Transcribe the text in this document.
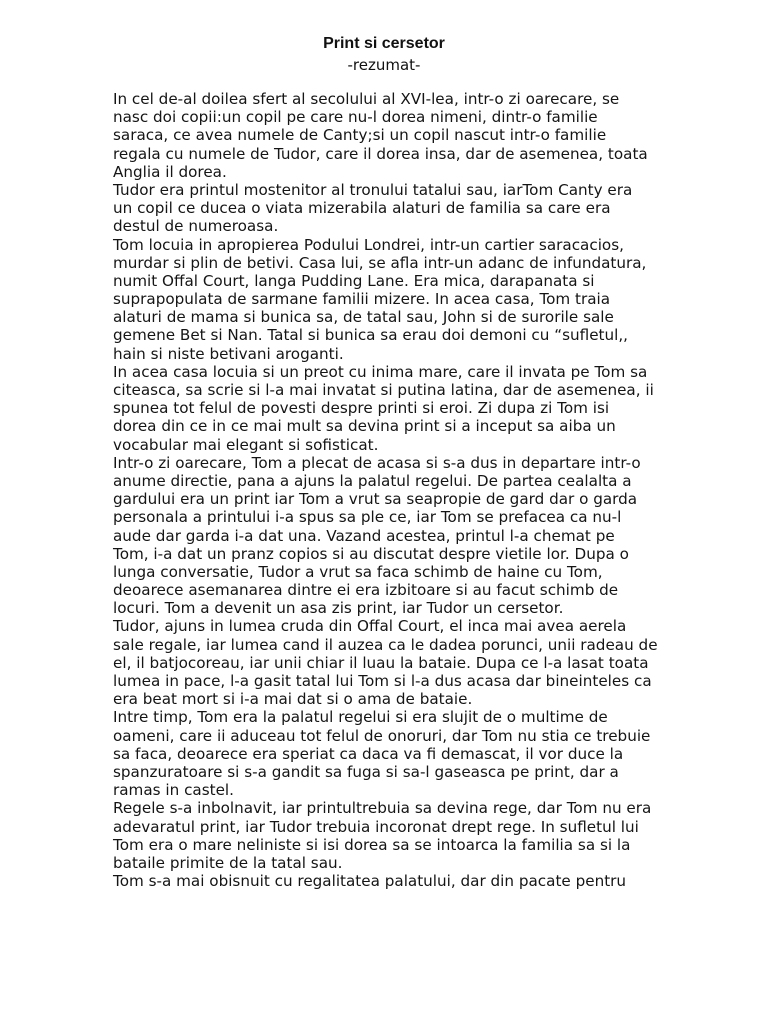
Print si cersetor
-rezumat-
In cel de-al doilea sfert al secolului al XVI-lea, intr-o zi oarecare, se
nasc doi copii:un copil pe care nu-l dorea nimeni, dintr-o familie
saraca, ce avea numele de Canty;si un copil nascut intr-o familie
regala cu numele de Tudor, care il dorea insa, dar de asemenea, toata
Anglia il dorea.
Tudor era printul mostenitor al tronului tatalui sau, iarTom Canty era
un copil ce ducea o viata mizerabila alaturi de familia sa care era
destul de numeroasa.
Tom locuia in apropierea Podului Londrei, intr-un cartier saracacios,
murdar si plin de betivi. Casa lui, se afla intr-un adanc de infundatura,
numit Offal Court, langa Pudding Lane. Era mica, darapanata si
suprapopulata de sarmane familii mizere. In acea casa, Tom traia
alaturi de mama si bunica sa, de tatal sau, John si de surorile sale
gemene Bet si Nan. Tatal si bunica sa erau doi demoni cu “sufletul,,
hain si niste betivani aroganti.
In acea casa locuia si un preot cu inima mare, care il invata pe Tom sa
citeasca, sa scrie si l-a mai invatat si putina latina, dar de asemenea, ii
spunea tot felul de povesti despre printi si eroi. Zi dupa zi Tom isi
dorea din ce in ce mai mult sa devina print si a inceput sa aiba un
vocabular mai elegant si sofisticat.
Intr-o zi oarecare, Tom a plecat de acasa si s-a dus in departare intr-o
anume directie, pana a ajuns la palatul regelui. De partea cealalta a
gardului era un print iar Tom a vrut sa seapropie de gard dar o garda
personala a printului i-a spus sa ple ce, iar Tom se prefacea ca nu-l
aude dar garda i-a dat una. Vazand acestea, printul l-a chemat pe
Tom, i-a dat un pranz copios si au discutat despre vietile lor. Dupa o
lunga conversatie, Tudor a vrut sa faca schimb de haine cu Tom,
deoarece asemanarea dintre ei era izbitoare si au facut schimb de
locuri. Tom a devenit un asa zis print, iar Tudor un cersetor.
Tudor, ajuns in lumea cruda din Offal Court, el inca mai avea aerela
sale regale, iar lumea cand il auzea ca le dadea porunci, unii radeau de
el, il batjocoreau, iar unii chiar il luau la bataie. Dupa ce l-a lasat toata
lumea in pace, l-a gasit tatal lui Tom si l-a dus acasa dar bineinteles ca
era beat mort si i-a mai dat si o ama de bataie.
Intre timp, Tom era la palatul regelui si era slujit de o multime de
oameni, care ii aduceau tot felul de onoruri, dar Tom nu stia ce trebuie
sa faca, deoarece era speriat ca daca va fi demascat, il vor duce la
spanzuratoare si s-a gandit sa fuga si sa-l gaseasca pe print, dar a
ramas in castel.
Regele s-a inbolnavit, iar printultrebuia sa devina rege, dar Tom nu era
adevaratul print, iar Tudor trebuia incoronat drept rege. In sufletul lui
Tom era o mare neliniste si isi dorea sa se intoarca la familia sa si la
bataile primite de la tatal sau.
Tom s-a mai obisnuit cu regalitatea palatului, dar din pacate pentru
